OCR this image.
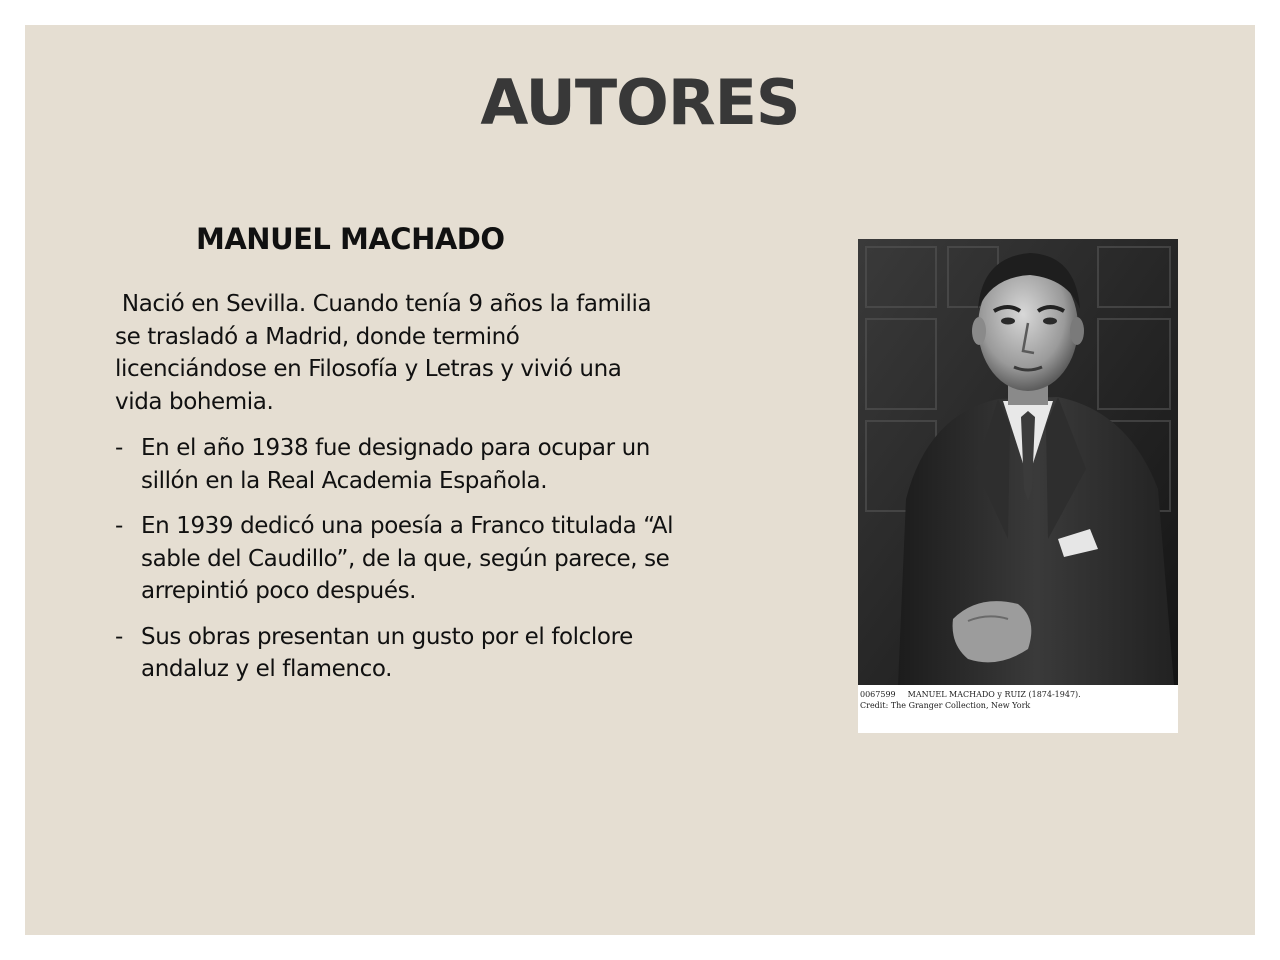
AUTORES
MANUEL MACHADO

Nació en Sevilla. Cuando tenía 9 años la familia se trasladó a Madrid, donde terminó licenciándose en Filosofía y Letras y vivió una vida bohemia.

- En el año 1938 fue designado para ocupar un sillón en la Real Academia Española.
- En 1939 dedicó una poesía a Franco titulada “Al sable del Caudillo”, de la que, según parece, se arrepintió poco después.
- Sus obras presentan un gusto por el folclore andaluz y el flamenco.
0067599 MANUEL MACHADO y RUIZ (1874-1947).
Credit: The Granger Collection, New York
